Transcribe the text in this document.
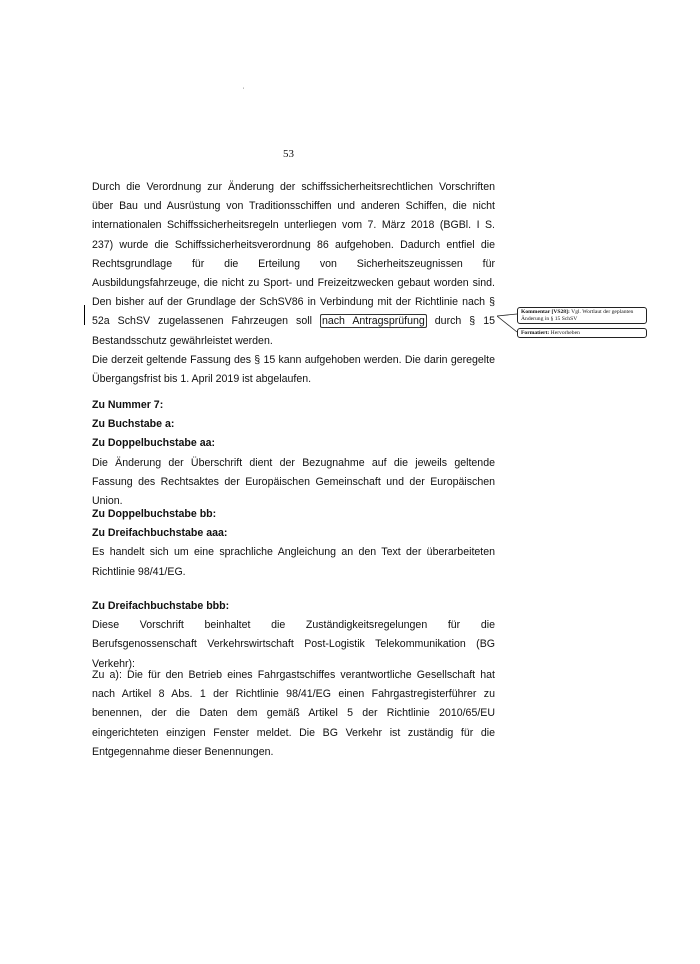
53

Durch die Verordnung zur Änderung der schiffssicherheitsrechtlichen Vorschriften über Bau und Ausrüstung von Traditionsschiffen und anderen Schiffen, die nicht internationalen Schiffssicherheitsregeln unterliegen vom 7. März 2018 (BGBl. I S. 237) wurde die Schiffssicherheitsverordnung 86 aufgehoben. Dadurch entfiel die Rechtsgrundlage für die Erteilung von Sicherheitszeugnissen für Ausbildungsfahrzeuge, die nicht zu Sport- und Freizeitzwecken gebaut worden sind. Den bisher auf der Grundlage der SchSV86 in Verbindung mit der Richtlinie nach § 52a SchSV zugelassenen Fahrzeugen soll nach Antragsprüfung durch § 15 Bestandsschutz gewährleistet werden.

Die derzeit geltende Fassung des § 15 kann aufgehoben werden. Die darin geregelte Übergangsfrist bis 1. April 2019 ist abgelaufen.

Kommentar [VS28]: Vgl. Wortlaut der geplanten Änderung in § 15 SchSV
Formatiert: Hervorheben

Zu Nummer 7:

Zu Buchstabe a:

Zu Doppelbuchstabe aa:

Die Änderung der Überschrift dient der Bezugnahme auf die jeweils geltende Fassung des Rechtsaktes der Europäischen Gemeinschaft und der Europäischen Union.

Zu Doppelbuchstabe bb:

Zu Dreifachbuchstabe aaa:

Es handelt sich um eine sprachliche Angleichung an den Text der überarbeiteten Richtlinie 98/41/EG.

Zu Dreifachbuchstabe bbb:

Diese Vorschrift beinhaltet die Zuständigkeitsregelungen für die Berufsgenossenschaft Verkehrswirtschaft Post-Logistik Telekommunikation (BG Verkehr):

Zu a): Die für den Betrieb eines Fahrgastschiffes verantwortliche Gesellschaft hat nach Artikel 8 Abs. 1 der Richtlinie 98/41/EG einen Fahrgastregisterführer zu benennen, der die Daten dem gemäß Artikel 5 der Richtlinie 2010/65/EU eingerichteten einzigen Fenster meldet. Die BG Verkehr ist zuständig für die Entgegennahme dieser Benennungen.

'
